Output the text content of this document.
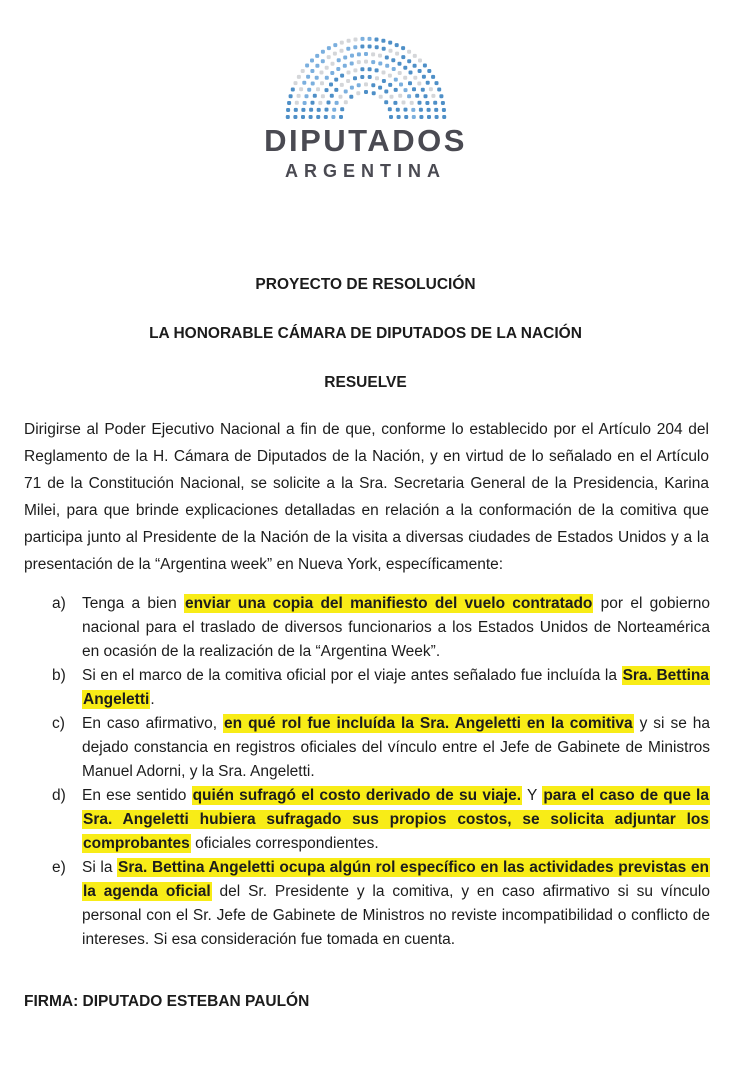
DIPUTADOS
ARGENTINA

PROYECTO DE RESOLUCIÓN

LA HONORABLE CÁMARA DE DIPUTADOS DE LA NACIÓN

RESUELVE

Dirigirse al Poder Ejecutivo Nacional a fin de que, conforme lo establecido por el Artículo 204 del Reglamento de la H. Cámara de Diputados de la Nación, y en virtud de lo señalado en el Artículo 71 de la Constitución Nacional, se solicite a la Sra. Secretaria General de la Presidencia, Karina Milei, para que brinde explicaciones detalladas en relación a la conformación de la comitiva que participa junto al Presidente de la Nación de la visita a diversas ciudades de Estados Unidos y a la presentación de la “Argentina week” en Nueva York, específicamente:

a) Tenga a bien enviar una copia del manifiesto del vuelo contratado por el gobierno nacional para el traslado de diversos funcionarios a los Estados Unidos de Norteamérica en ocasión de la realización de la “Argentina Week”.
b) Si en el marco de la comitiva oficial por el viaje antes señalado fue incluída la Sra. Bettina Angeletti.
c) En caso afirmativo, en qué rol fue incluída la Sra. Angeletti en la comitiva y si se ha dejado constancia en registros oficiales del vínculo entre el Jefe de Gabinete de Ministros Manuel Adorni, y la Sra. Angeletti.
d) En ese sentido quién sufragó el costo derivado de su viaje. Y para el caso de que la Sra. Angeletti hubiera sufragado sus propios costos, se solicita adjuntar los comprobantes oficiales correspondientes.
e) Si la Sra. Bettina Angeletti ocupa algún rol específico en las actividades previstas en la agenda oficial del Sr. Presidente y la comitiva, y en caso afirmativo si su vínculo personal con el Sr. Jefe de Gabinete de Ministros no reviste incompatibilidad o conflicto de intereses. Si esa consideración fue tomada en cuenta.

FIRMA: DIPUTADO ESTEBAN PAULÓN
